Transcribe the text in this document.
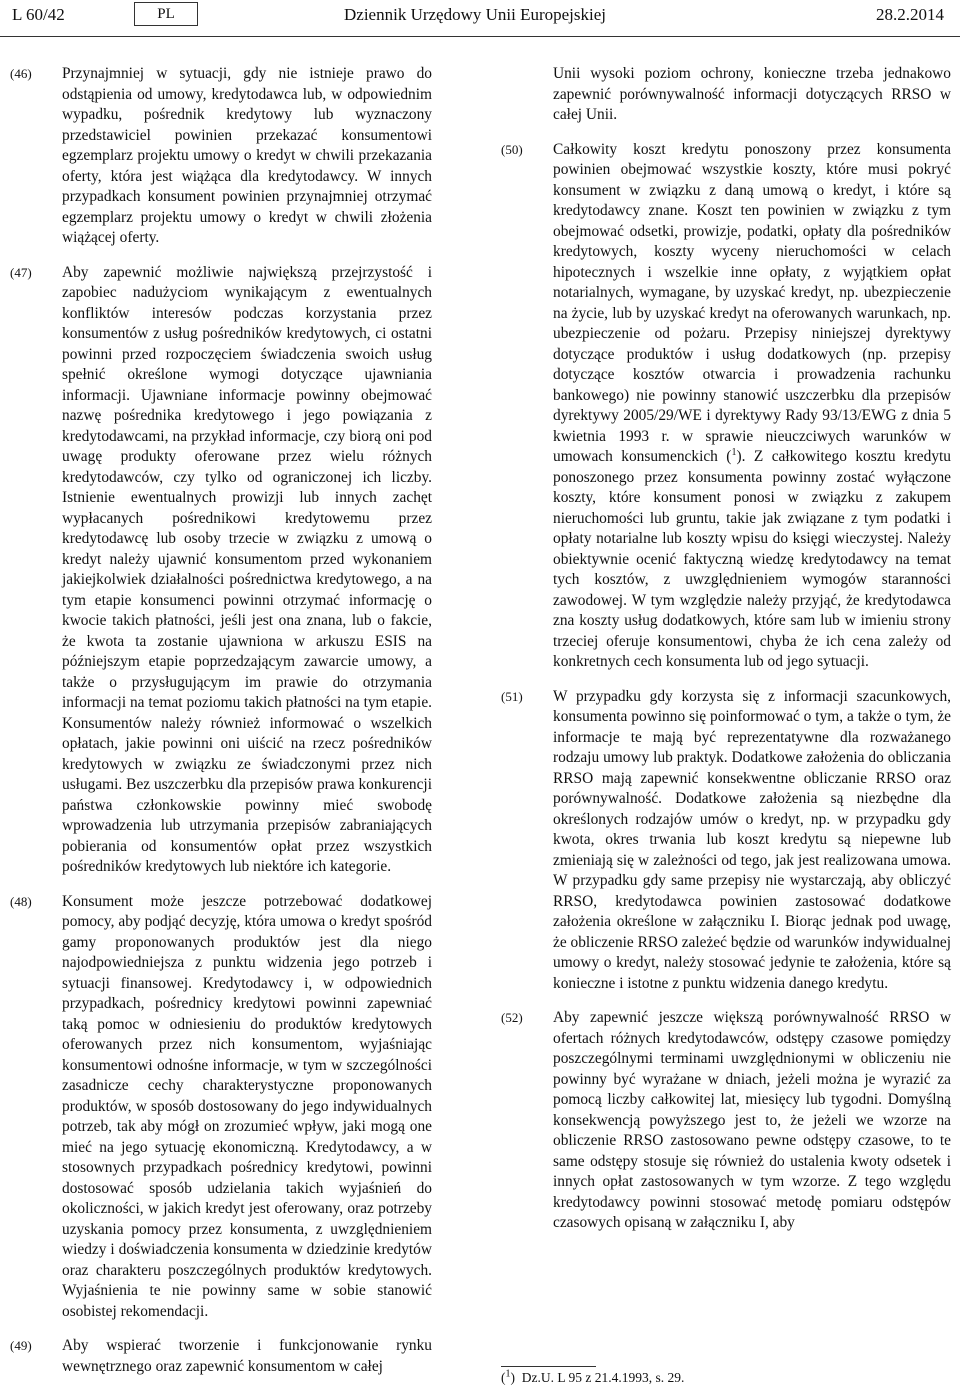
L 60/42	PL	Dziennik Urzędowy Unii Europejskiej	28.2.2014
(46) Przynajmniej w sytuacji, gdy nie istnieje prawo do odstąpienia od umowy, kredytodawca lub, w odpowiednim wypadku, pośrednik kredytowy lub wyznaczony przedstawiciel powinien przekazać konsumentowi egzemplarz projektu umowy o kredyt w chwili przekazania oferty, która jest wiążąca dla kredytodawcy. W innych przypadkach konsument powinien przynajmniej otrzymać egzemplarz projektu umowy o kredyt w chwili złożenia wiążącej oferty.

(47) Aby zapewnić możliwie największą przejrzystość i zapobiec nadużyciom wynikającym z ewentualnych konfliktów interesów podczas korzystania przez konsumentów z usług pośredników kredytowych, ci ostatni powinni przed rozpoczęciem świadczenia swoich usług spełnić określone wymogi dotyczące ujawniania informacji. Ujawniane informacje powinny obejmować nazwę pośrednika kredytowego i jego powiązania z kredytodawcami, na przykład informacje, czy biorą oni pod uwagę produkty oferowane przez wielu różnych kredytodawców, czy tylko od ograniczonej ich liczby. Istnienie ewentualnych prowizji lub innych zachęt wypłacanych pośrednikowi kredytowemu przez kredytodawcę lub osoby trzecie w związku z umową o kredyt należy ujawnić konsumentom przed wykonaniem jakiejkolwiek działalności pośrednictwa kredytowego, a na tym etapie konsumenci powinni otrzymać informację o kwocie takich płatności, jeśli jest ona znana, lub o fakcie, że kwota ta zostanie ujawniona w arkuszu ESIS na późniejszym etapie poprzedzającym zawarcie umowy, a także o przysługującym im prawie do otrzymania informacji na temat poziomu takich płatności na tym etapie. Konsumentów należy również informować o wszelkich opłatach, jakie powinni oni uiścić na rzecz pośredników kredytowych w związku ze świadczonymi przez nich usługami. Bez uszczerbku dla przepisów prawa konkurencji państwa członkowskie powinny mieć swobodę wprowadzenia lub utrzymania przepisów zabraniających pobierania od konsumentów opłat przez wszystkich pośredników kredytowych lub niektóre ich kategorie.

(48) Konsument może jeszcze potrzebować dodatkowej pomocy, aby podjąć decyzję, która umowa o kredyt spośród gamy proponowanych produktów jest dla niego najodpowiedniejsza z punktu widzenia jego potrzeb i sytuacji finansowej. Kredytodawcy i, w odpowiednich przypadkach, pośrednicy kredytowi powinni zapewniać taką pomoc w odniesieniu do produktów kredytowych oferowanych przez nich konsumentom, wyjaśniając konsumentowi odnośne informacje, w tym w szczególności zasadnicze cechy charakterystyczne proponowanych produktów, w sposób dostosowany do jego indywidualnych potrzeb, tak aby mógł on zrozumieć wpływ, jaki mogą one mieć na jego sytuację ekonomiczną. Kredytodawcy, a w stosownych przypadkach pośrednicy kredytowi, powinni dostosować sposób udzielania takich wyjaśnień do okoliczności, w jakich kredyt jest oferowany, oraz potrzeby uzyskania pomocy przez konsumenta, z uwzględnieniem wiedzy i doświadczenia konsumenta w dziedzinie kredytów oraz charakteru poszczególnych produktów kredytowych. Wyjaśnienia te nie powinny same w sobie stanowić osobistej rekomendacji.

(49) Aby wspierać tworzenie i funkcjonowanie rynku wewnętrznego oraz zapewnić konsumentom w całej

Unii wysoki poziom ochrony, konieczne trzeba jednakowo zapewnić porównywalność informacji dotyczących RRSO w całej Unii.

(50) Całkowity koszt kredytu ponoszony przez konsumenta powinien obejmować wszystkie koszty, które musi pokryć konsument w związku z daną umową o kredyt, i które są kredytodawcy znane. Koszt ten powinien w związku z tym obejmować odsetki, prowizje, podatki, opłaty dla pośredników kredytowych, koszty wyceny nieruchomości w celach hipotecznych i wszelkie inne opłaty, z wyjątkiem opłat notarialnych, wymagane, by uzyskać kredyt, np. ubezpieczenie na życie, lub by uzyskać kredyt na oferowanych warunkach, np. ubezpieczenie od pożaru. Przepisy niniejszej dyrektywy dotyczące produktów i usług dodatkowych (np. przepisy dotyczące kosztów otwarcia i prowadzenia rachunku bankowego) nie powinny stanowić uszczerbku dla przepisów dyrektywy 2005/29/WE i dyrektywy Rady 93/13/EWG z dnia 5 kwietnia 1993 r. w sprawie nieuczciwych warunków w umowach konsumenckich ($^1$). Z całkowitego kosztu kredytu ponoszonego przez konsumenta powinny zostać wyłączone koszty, które konsument ponosi w związku z zakupem nieruchomości lub gruntu, takie jak związane z tym podatki i opłaty notarialne lub koszty wpisu do księgi wieczystej. Należy obiektywnie ocenić faktyczną wiedzę kredytodawcy na temat tych kosztów, z uwzględnieniem wymogów staranności zawodowej. W tym względzie należy przyjąć, że kredytodawca zna koszty usług dodatkowych, które sam lub w imieniu strony trzeciej oferuje konsumentowi, chyba że ich cena zależy od konkretnych cech konsumenta lub od jego sytuacji.

(51) W przypadku gdy korzysta się z informacji szacunkowych, konsumenta powinno się poinformować o tym, a także o tym, że informacje te mają być reprezentatywne dla rozważanego rodzaju umowy lub praktyk. Dodatkowe założenia do obliczania RRSO mają zapewnić konsekwentne obliczanie RRSO oraz porównywalność. Dodatkowe założenia są niezbędne dla określonych rodzajów umów o kredyt, np. w przypadku gdy kwota, okres trwania lub koszt kredytu są niepewne lub zmieniają się w zależności od tego, jak jest realizowana umowa. W przypadku gdy same przepisy nie wystarczają, aby obliczyć RRSO, kredytodawca powinien zastosować dodatkowe założenia określone w załączniku I. Biorąc jednak pod uwagę, że obliczenie RRSO zależeć będzie od warunków indywidualnej umowy o kredyt, należy stosować jedynie te założenia, które są konieczne i istotne z punktu widzenia danego kredytu.

(52) Aby zapewnić jeszcze większą porównywalność RRSO w ofertach różnych kredytodawców, odstępy czasowe pomiędzy poszczególnymi terminami uwzględnionymi w obliczeniu nie powinny być wyrażane w dniach, jeżeli można je wyrazić za pomocą liczby całkowitej lat, miesięcy lub tygodni. Domyślną konsekwencją powyższego jest to, że jeżeli we wzorze na obliczenie RRSO zastosowano pewne odstępy czasowe, to te same odstępy stosuje się również do ustalenia kwoty odsetek i innych opłat zastosowanych w tym wzorze. Z tego względu kredytodawcy powinni stosować metodę pomiaru odstępów czasowych opisaną w załączniku I, aby

($^1$)  Dz.U. L 95 z 21.4.1993, s. 29.
